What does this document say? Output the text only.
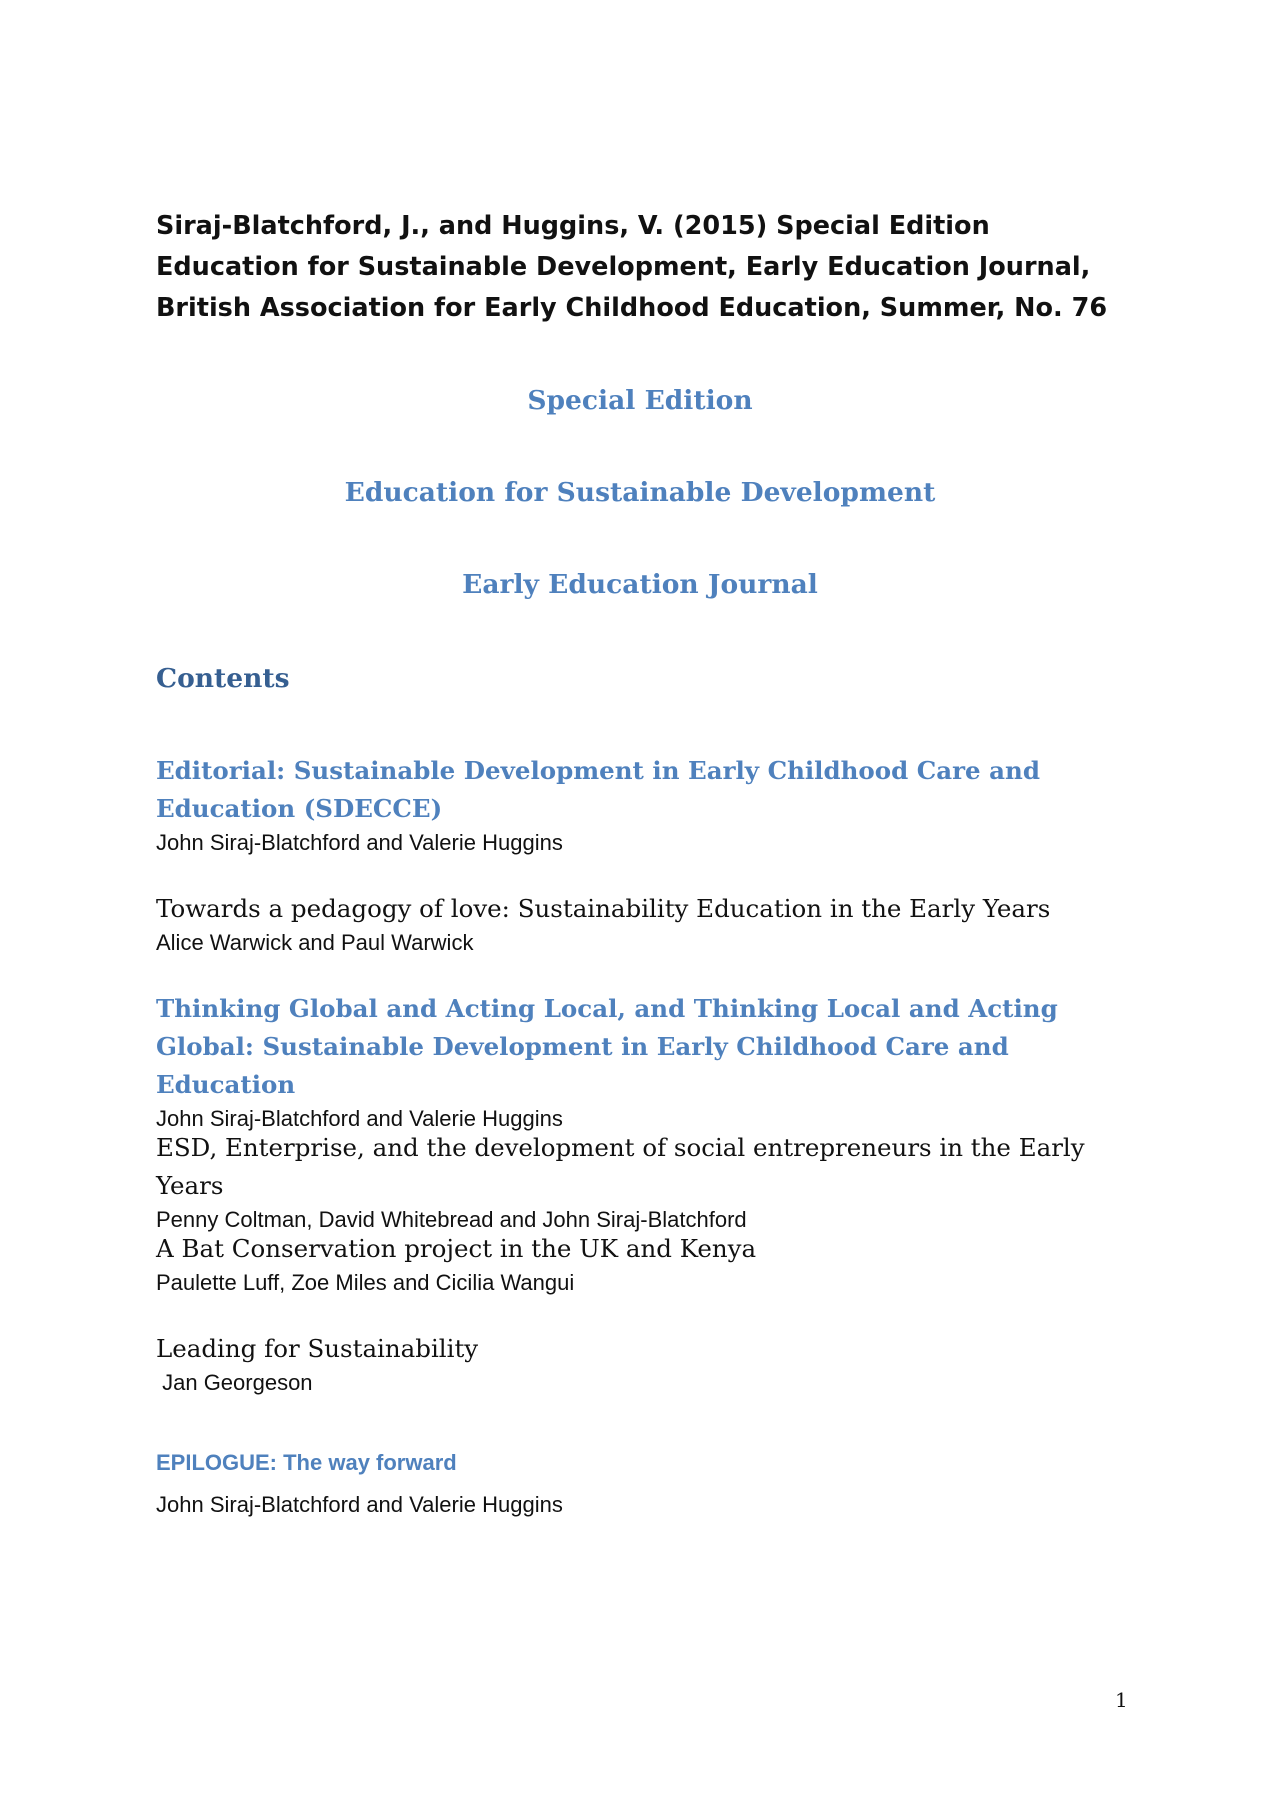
Siraj-Blatchford, J., and Huggins, V. (2015) Special Edition Education for Sustainable Development, Early Education Journal, British Association for Early Childhood Education, Summer, No. 76

Special Edition

Education for Sustainable Development

Early Education Journal

Contents

Editorial: Sustainable Development in Early Childhood Care and Education (SDECCE)

John Siraj-Blatchford and Valerie Huggins

Towards a pedagogy of love: Sustainability Education in the Early Years

Alice Warwick and Paul Warwick

Thinking Global and Acting Local, and Thinking Local and Acting Global: Sustainable Development in Early Childhood Care and Education

John Siraj-Blatchford and Valerie Huggins

ESD, Enterprise, and the development of social entrepreneurs in the Early Years

Penny Coltman, David Whitebread and John Siraj-Blatchford

A Bat Conservation project in the UK and Kenya

Paulette Luff, Zoe Miles and Cicilia Wangui

Leading for Sustainability

Jan Georgeson

EPILOGUE: The way forward

John Siraj-Blatchford and Valerie Huggins

1
